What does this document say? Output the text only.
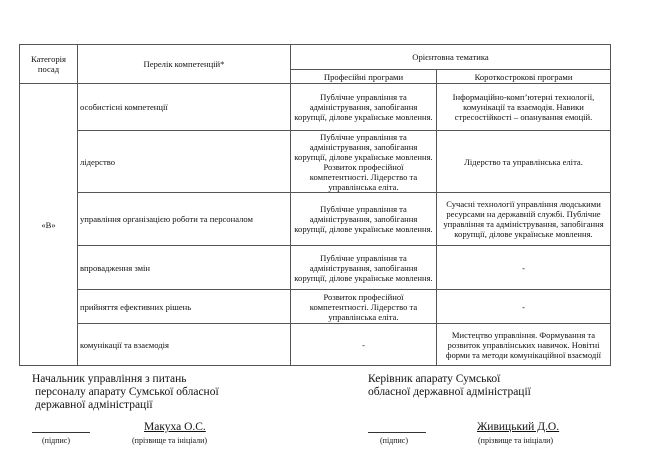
Категорія посад	Перелік компетенцій*	Орієнтовна тематика	
		Професійні програми	Короткострокові програми
«В»	особистісні компетенції	Публічне управління та адміністрування, запобігання корупції, ділове українське мовлення.	Інформаційно-комп’ютерні технології, комунікації та взаємодія. Навики стресостійкості – опанування емоцій.
	лідерство	Публічне управління та адміністрування, запобігання корупції, ділове українське мовлення. Розвиток професійної компетентності. Лідерство та управлінська еліта.	Лідерство та управлінська еліта.
	управління організацією роботи та персоналом	Публічне управління та адміністрування, запобігання корупції, ділове українське мовлення.	Сучасні технології управління людськими ресурсами на державній службі. Публічне управління та адміністрування, запобігання корупції, ділове українське мовлення.
	впровадження змін	Публічне управління та адміністрування, запобігання корупції, ділове українське мовлення.	-
	прийняття ефективних рішень	Розвиток професійної компетентності. Лідерство та управлінська еліта.	-
	комунікації та взаємодія	-	Мистецтво управління. Формування та розвиток управлінських навичок. Новітні форми та методи комунікаційної взаємодії
Начальник управління з питань
персоналу апарату Сумської обласної
державної адміністрації
(підпис)
Макуха О.С.
(прізвище та ініціали)
Керівник апарату Сумської
обласної державної адміністрації
(підпис)
Живицький Д.О.
(прізвище та ініціали)
